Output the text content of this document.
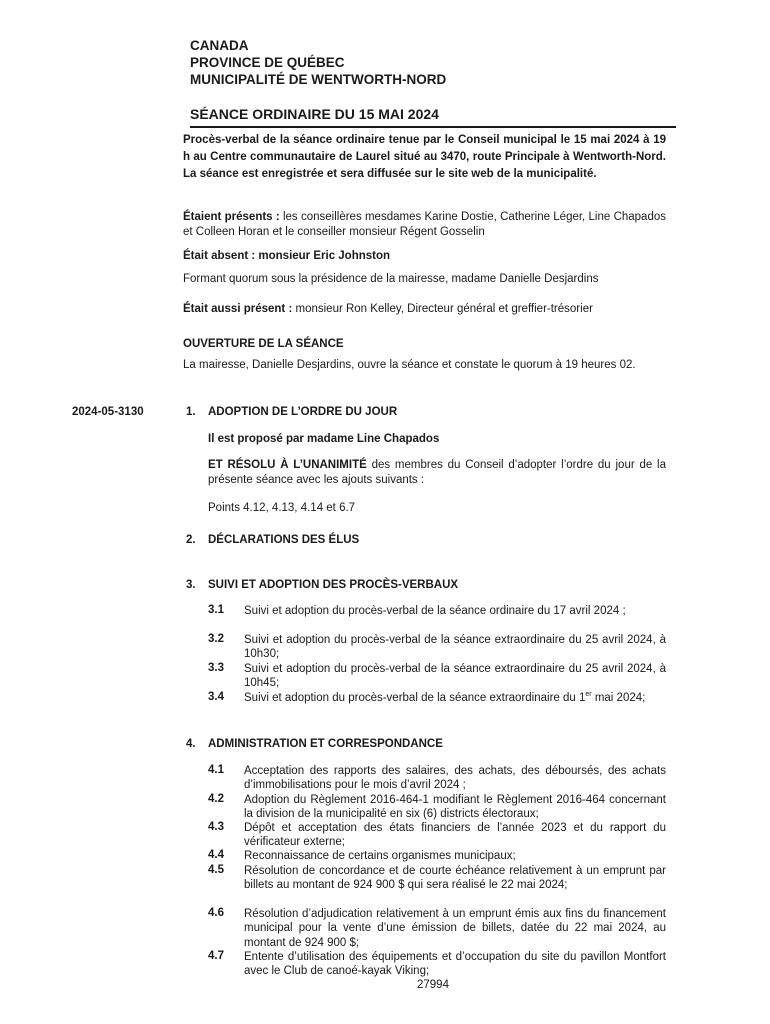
CANADA
PROVINCE DE QUÉBEC
MUNICIPALITÉ DE WENTWORTH-NORD
SÉANCE ORDINAIRE DU 15 MAI 2024
Procès-verbal de la séance ordinaire tenue par le Conseil municipal le 15 mai 2024 à 19 h au Centre communautaire de Laurel situé au 3470, route Principale à Wentworth-Nord. La séance est enregistrée et sera diffusée sur le site web de la municipalité.
Étaient présents : les conseillères mesdames Karine Dostie, Catherine Léger, Line Chapados et Colleen Horan et le conseiller monsieur Régent Gosselin
Était absent : monsieur Eric Johnston
Formant quorum sous la présidence de la mairesse, madame Danielle Desjardins
Était aussi présent : monsieur Ron Kelley, Directeur général et greffier-trésorier
OUVERTURE DE LA SÉANCE
La mairesse, Danielle Desjardins, ouvre la séance et constate le quorum à 19 heures 02.
2024-05-3130	1. ADOPTION DE L’ORDRE DU JOUR
Il est proposé par madame Line Chapados
ET RÉSOLU À L’UNANIMITÉ des membres du Conseil d’adopter l’ordre du jour de la présente séance avec les ajouts suivants :
Points 4.12, 4.13, 4.14 et 6.7
2. DÉCLARATIONS DES ÉLUS
3. SUIVI ET ADOPTION DES PROCÈS-VERBAUX
3.1 Suivi et adoption du procès-verbal de la séance ordinaire du 17 avril 2024 ;
3.2 Suivi et adoption du procès-verbal de la séance extraordinaire du 25 avril 2024, à 10h30;
3.3 Suivi et adoption du procès-verbal de la séance extraordinaire du 25 avril 2024, à 10h45;
3.4 Suivi et adoption du procès-verbal de la séance extraordinaire du 1er mai 2024;
4. ADMINISTRATION ET CORRESPONDANCE
4.1 Acceptation des rapports des salaires, des achats, des déboursés, des achats d’immobilisations pour le mois d’avril 2024 ;
4.2 Adoption du Règlement 2016-464-1 modifiant le Règlement 2016-464 concernant la division de la municipalité en six (6) districts électoraux;
4.3 Dépôt et acceptation des états financiers de l’année 2023 et du rapport du vérificateur externe;
4.4 Reconnaissance de certains organismes municipaux;
4.5 Résolution de concordance et de courte échéance relativement à un emprunt par billets au montant de 924 900 $ qui sera réalisé le 22 mai 2024;
4.6 Résolution d’adjudication relativement à un emprunt émis aux fins du financement municipal pour la vente d’une émission de billets, datée du 22 mai 2024, au montant de 924 900 $;
4.7 Entente d’utilisation des équipements et d’occupation du site du pavillon Montfort avec le Club de canoé-kayak Viking;
27994
